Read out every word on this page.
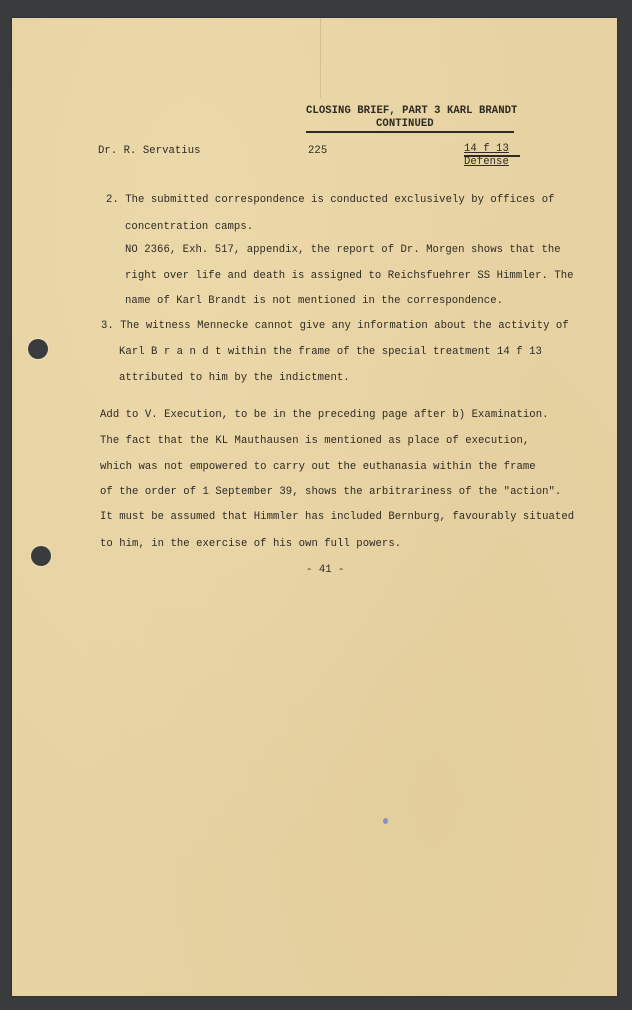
CLOSING BRIEF, PART 3 KARL BRANDT
CONTINUED
Dr. R. Servatius	225	14 f 13
Defense
2. The submitted correspondence is conducted exclusively by offices of
concentration camps.
NO 2366, Exh. 517, appendix, the report of Dr. Morgen shows that the
right over life and death is assigned to Reichsfuehrer SS Himmler. The
name of Karl Brandt is not mentioned in the correspondence.
3. The witness Mennecke cannot give any information about the activity of
Karl B r a n d t within the frame of the special treatment 14 f 13
attributed to him by the indictment.
Add to V. Execution, to be in the preceding page after b) Examination.
The fact that the KL Mauthausen is mentioned as place of execution,
which was not empowered to carry out the euthanasia within the frame
of the order of 1 September 39, shows the arbitrariness of the "action".
It must be assumed that Himmler has included Bernburg, favourably situated
to him, in the exercise of his own full powers.
- 41 -
